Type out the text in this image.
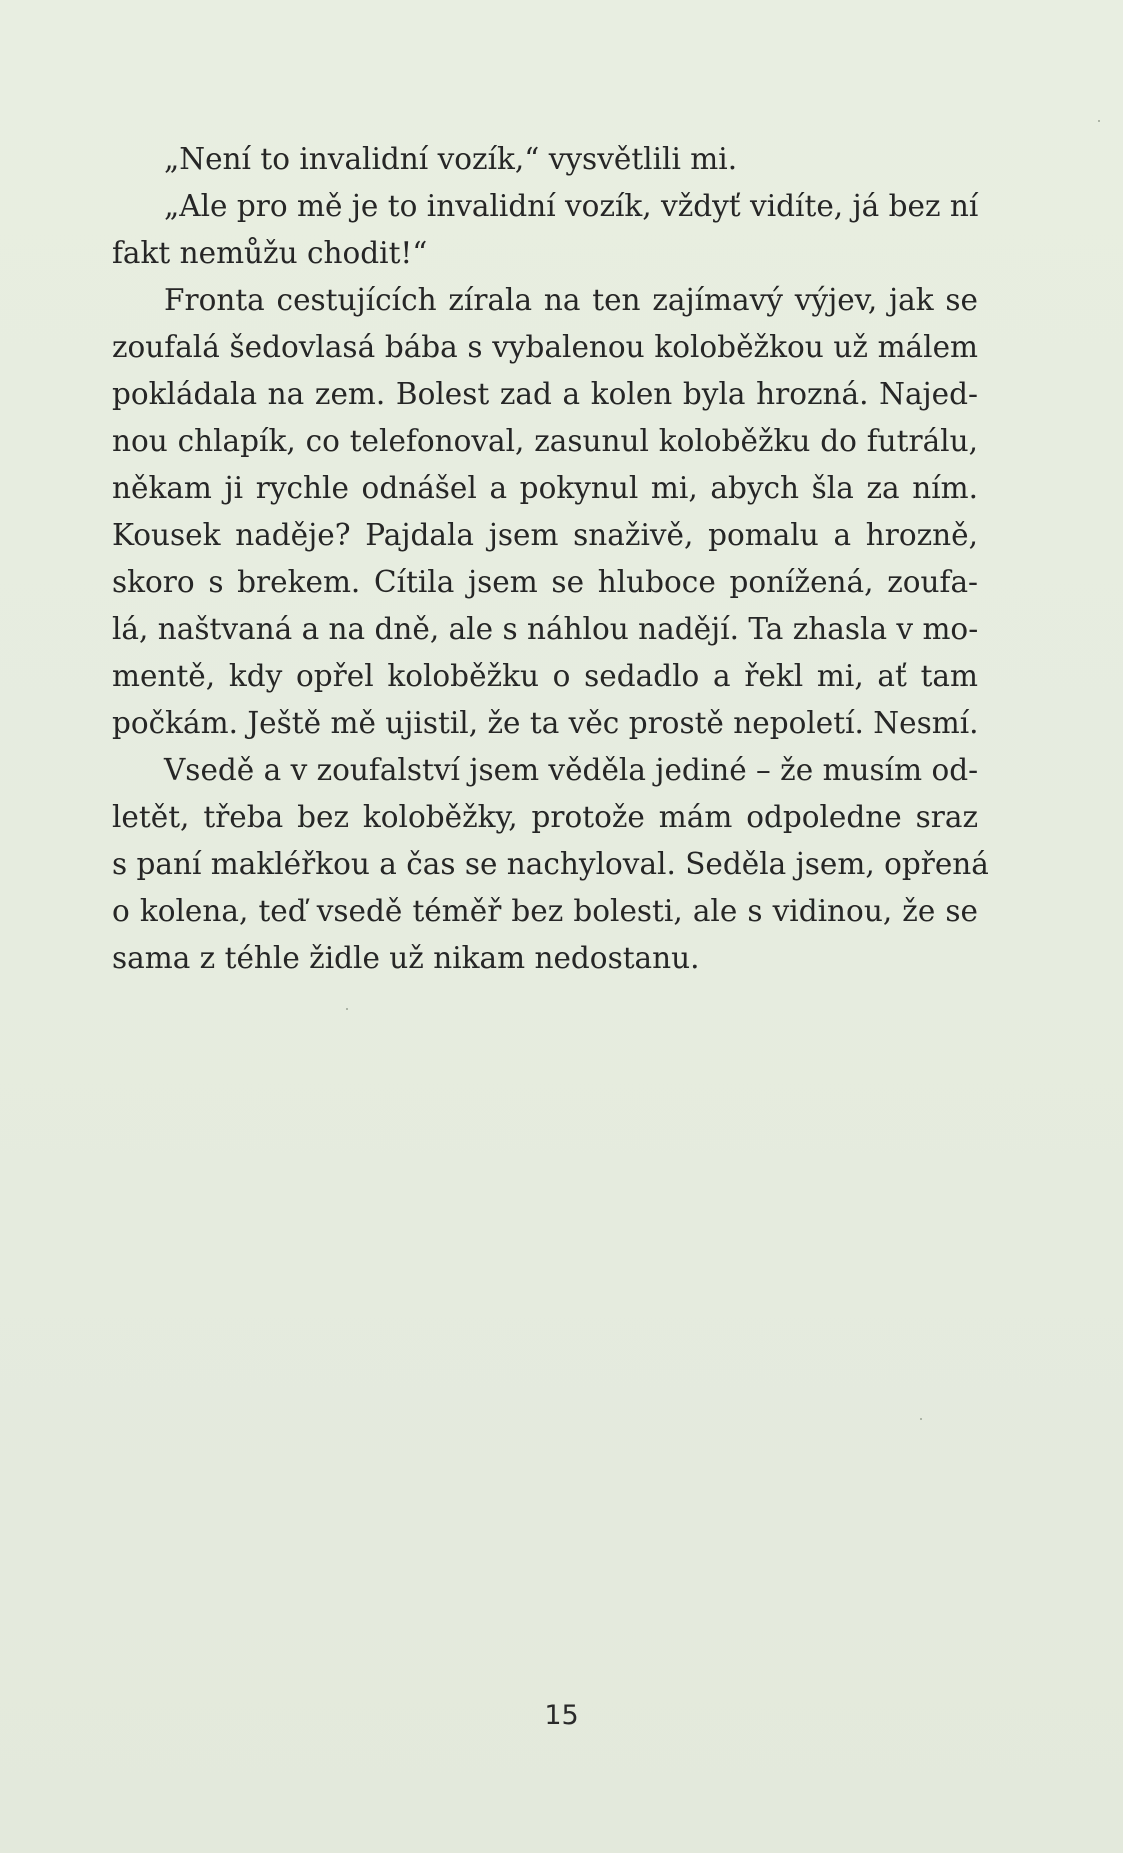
„Není to invalidní vozík,“ vysvětlili mi.
„Ale pro mě je to invalidní vozík, vždyť vidíte, já bez ní
fakt nemůžu chodit!“
Fronta cestujících zírala na ten zajímavý výjev, jak se
zoufalá šedovlasá bába s vybalenou koloběžkou už málem
pokládala na zem. Bolest zad a kolen byla hrozná. Najed-
nou chlapík, co telefonoval, zasunul koloběžku do futrálu,
někam ji rychle odnášel a pokynul mi, abych šla za ním.
Kousek naděje? Pajdala jsem snaživě, pomalu a hrozně,
skoro s brekem. Cítila jsem se hluboce ponížená, zoufa-
lá, naštvaná a na dně, ale s náhlou nadějí. Ta zhasla v mo-
mentě, kdy opřel koloběžku o sedadlo a řekl mi, ať tam
počkám. Ještě mě ujistil, že ta věc prostě nepoletí. Nesmí.
Vsedě a v zoufalství jsem věděla jediné – že musím od-
letět, třeba bez koloběžky, protože mám odpoledne sraz
s paní makléřkou a čas se nachyloval. Seděla jsem, opřená
o kolena, teď vsedě téměř bez bolesti, ale s vidinou, že se
sama z téhle židle už nikam nedostanu.
15
